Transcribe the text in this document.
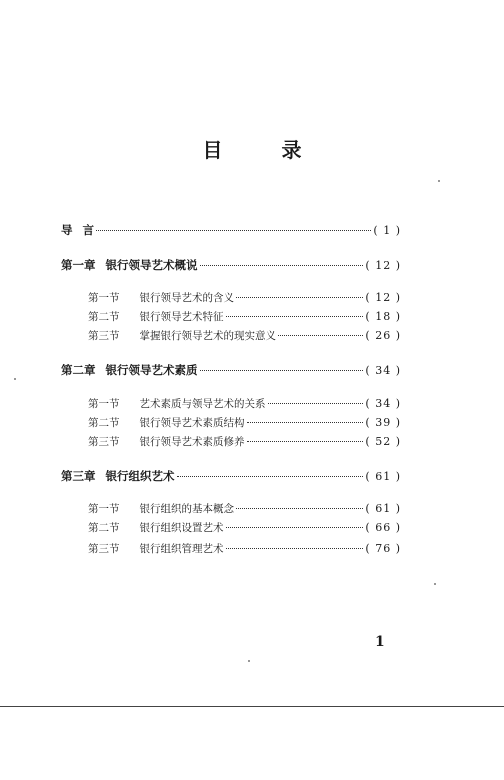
目 录
导 言	( 1 )
第一章 银行领导艺术概说	( 12 )
第一节 银行领导艺术的含义	( 12 )
第二节 银行领导艺术特征	( 18 )
第三节 掌握银行领导艺术的现实意义	( 26 )
第二章 银行领导艺术素质	( 34 )
第一节 艺术素质与领导艺术的关系	( 34 )
第二节 银行领导艺术素质结构	( 39 )
第三节 银行领导艺术素质修养	( 52 )
第三章 银行组织艺术	( 61 )
第一节 银行组织的基本概念	( 61 )
第二节 银行组织设置艺术	( 66 )
第三节 银行组织管理艺术	( 76 )
1
